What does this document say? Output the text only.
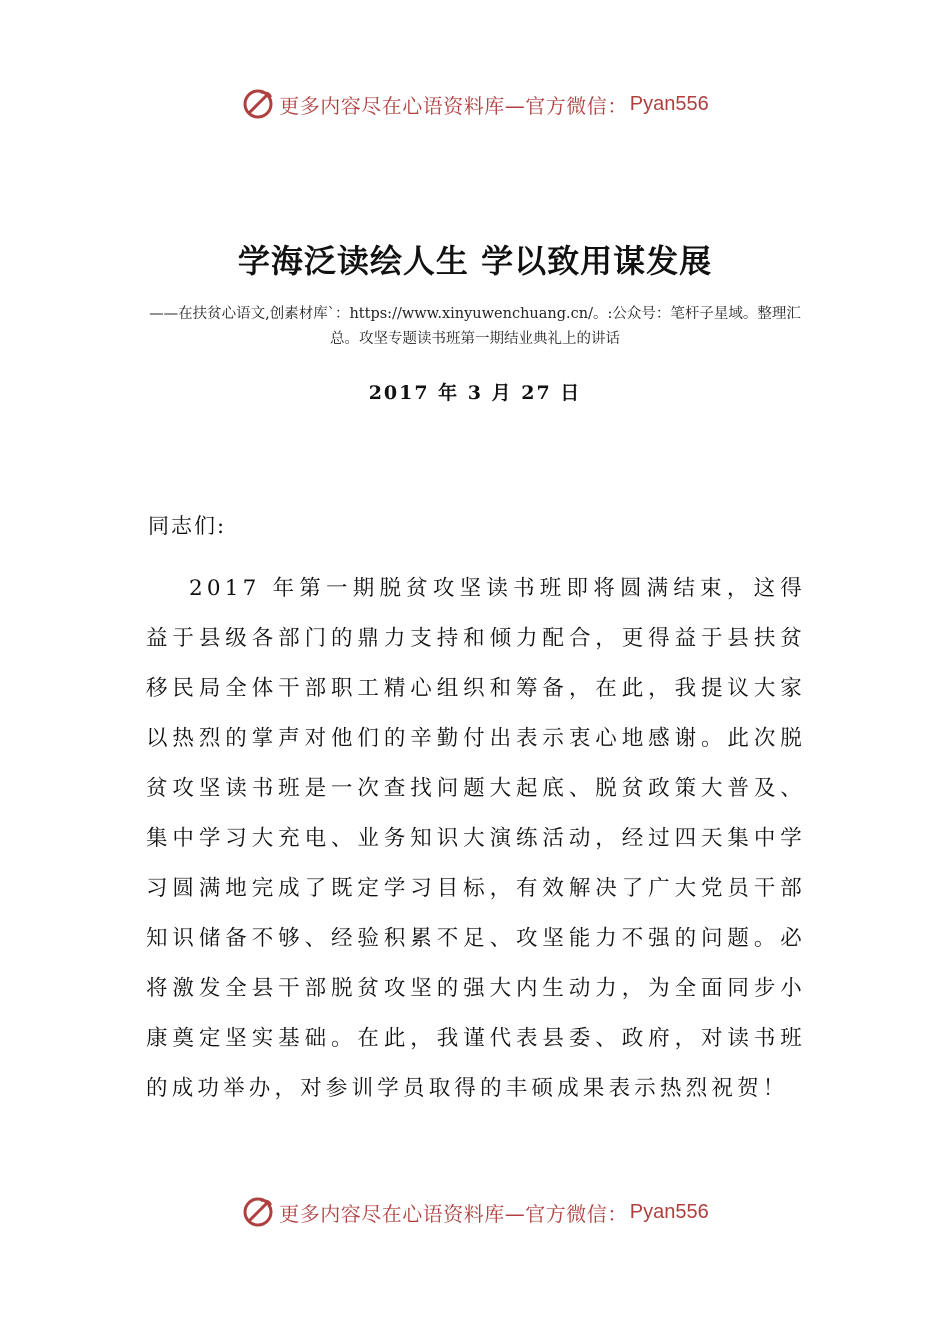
更多内容尽在心语资料库—官方微信： Pyan556
学海泛读绘人生 学以致用谋发展
——在扶贫心语文,创素材库`：https://www.xinyuwenchuang.cn/。:公众号：笔杆子星域。整理汇总。攻坚专题读书班第一期结业典礼上的讲话
2017 年 3 月 27 日
同志们:
2017 年第一期脱贫攻坚读书班即将圆满结束，这得益于县级各部门的鼎力支持和倾力配合，更得益于县扶贫移民局全体干部职工精心组织和筹备，在此，我提议大家以热烈的掌声对他们的辛勤付出表示衷心地感谢。此次脱贫攻坚读书班是一次查找问题大起底、脱贫政策大普及、集中学习大充电、业务知识大演练活动，经过四天集中学习圆满地完成了既定学习目标，有效解决了广大党员干部知识储备不够、经验积累不足、攻坚能力不强的问题。必将激发全县干部脱贫攻坚的强大内生动力，为全面同步小康奠定坚实基础。在此，我谨代表县委、政府，对读书班的成功举办，对参训学员取得的丰硕成果表示热烈祝贺！
更多内容尽在心语资料库—官方微信： Pyan556
